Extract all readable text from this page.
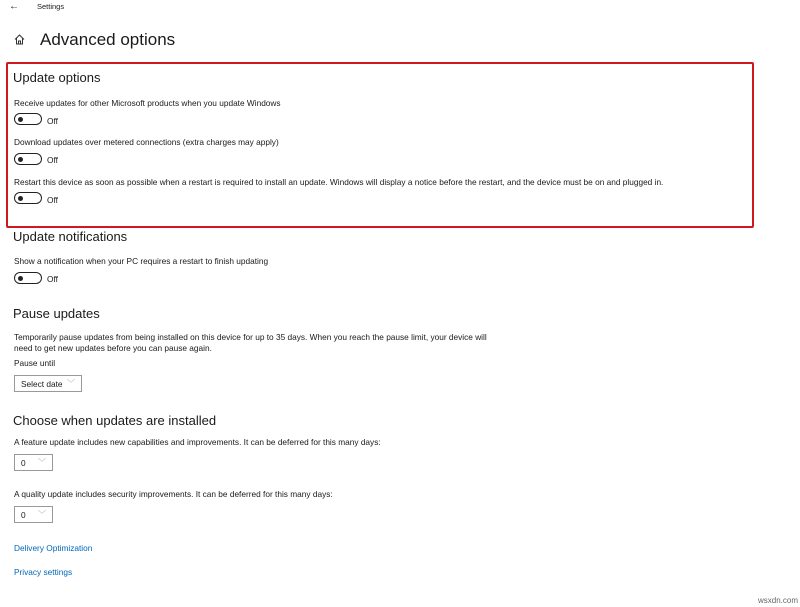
← Settings
Advanced options
Update options
Receive updates for other Microsoft products when you update Windows
Off
Download updates over metered connections (extra charges may apply)
Off
Restart this device as soon as possible when a restart is required to install an update. Windows will display a notice before the restart, and the device must be on and plugged in.
Off
Update notifications
Show a notification when your PC requires a restart to finish updating
Off
Pause updates
Temporarily pause updates from being installed on this device for up to 35 days. When you reach the pause limit, your device will
need to get new updates before you can pause again.
Pause until
Select date ﹀
Choose when updates are installed
A feature update includes new capabilities and improvements. It can be deferred for this many days:
0 ﹀
A quality update includes security improvements. It can be deferred for this many days:
0 ﹀
Delivery Optimization
Privacy settings
wsxdn.com
